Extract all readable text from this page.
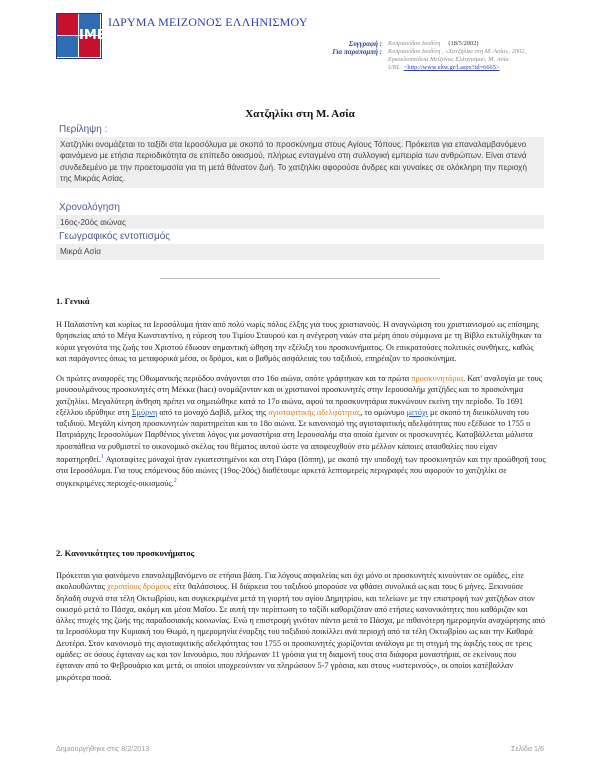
ΙΜΕ
ΙΔΡΥΜΑ ΜΕΙΖΟΝΟΣ ΕΛΛΗΝΙΣΜΟΥ
Συγγραφή : Κυπριανίδου Ιουδίτη (18/5/2002)
Για παραπομπή : Κυπριανίδου Ιουδίτη , «Χατζηλίκι στη Μ. Ασία», 2002,
Εγκυκλοπαίδεια Μείζονος Ελληνισμού, Μ. Ασία
URL: <http://www.ehw.gr/l.aspx?id=6665>
Χατζηλίκι στη Μ. Ασία
Περίληψη :
Χατζηλίκι ονομάζεται το ταξίδι στα Ιεροσόλυμα με σκοπό το προσκύνημα στους Αγίους Τόπους. Πρόκειται για επαναλαμβανόμενο φαινόμενο με ετήσια περιοδικότητα σε επίπεδο οικισμού, πλήρως ενταγμένο στη συλλογική εμπειρία των ανθρώπων. Είναι στενά συνδεδεμένο με την προετοιμασία για τη μετά θάνατον ζωή. Το χατζηλίκι αφορούσε άνδρες και γυναίκες σε ολόκληρη την περιοχή της Μικράς Ασίας.
Χρονολόγηση
16ος-20ός αιώνας
Γεωγραφικός εντοπισμός
Μικρά Ασία
1. Γενικά
Η Παλαιστίνη και κυρίως τα Ιεροσόλυμα ήταν από πολύ νωρίς πόλος έλξης για τους χριστιανούς. Η αναγνώριση του χριστιανισμού ως επίσημης θρησκείας από το Μέγα Κωνσταντίνο, η εύρεση του Τιμίου Σταυρού και η ανέγερση ναών στα μέρη όπου σύμφωνα με τη Βίβλο εκτυλίχθηκαν τα κύρια γεγονότα της ζωής του Χριστού έδωσαν σημαντική ώθηση την εξέλιξη του προσκυνήματος. Οι επικρατούσες πολιτικές συνθήκες, καθώς και παράγοντες όπως τα μεταφορικά μέσα, οι δρόμοι, και ο βαθμός ασφάλειας του ταξιδιού, επηρέαζαν το προσκύνημα.
Οι πρώτες αναφορές της Οθωμανικής περιόδου ανάγονται στο 16ο αιώνα, οπότε γράφτηκαν και τα πρώτα προσκυνητάρια. Κατ' αναλογία με τους μουσουλμάνους προσκυνητές στη Μέκκα (hacı) ονομάζονταν και οι χριστιανοί προσκυνητές στην Ιερουσαλήμ χατζήδες και το προσκύνημα χατζηλίκι. Μεγαλύτερη άνθηση πρέπει να σημειώθηκε κατά το 17ο αιώνα, αφού τα προσκυνητάρια πυκνώνουν εκείνη την περίοδο. Το 1691 εξέλλου ιδρύθηκε στη Σμύρνη από το μοναχό Δαβίδ, μέλος της αγιοταφιτικής αδελφότητας, το ομώνυμο μετόχι με σκοπό τη διευκόλυνση του ταξιδιού. Μεγάλη κίνηση προσκυνητών παρατηρείται και το 18ο αιώνα. Σε κανονισμό της αγιοταφιτικής αδελφότητας που εξέδωσε το 1755 ο Πατριάρχης Ιεροσολύμων Παρθένιος γίνεται λόγος για μοναστήρια στη Ιερουσαλήμ στα οποία έμεναν οι προσκυνητές. Καταβάλλεται μάλιστα προσπάθεια να ρυθμιστεί το οικονομικό σκέλος του θέματος αυτού ώστε να αποφευχθούν στο μέλλον κάποιες ατασθαλίες που είχαν παρατηρηθεί.$^1$ Αγιοταφίτες μοναχοί ήταν εγκατεστημένοι και στη Γιάφα (Ιόππη), με σκοπό την υποδοχή των προσκυνητών και την προώθησή τους στα Ιεροσόλυμα. Για τους επόμενους δύο αιώνες (19ος-20ός) διαθέτουμε αρκετά λεπτομερείς περιγραφές που αφορούν το χατζηλίκι σε συγκεκριμένες περιοχές-οικισμούς.$^2$
2. Κανονικότητες του προσκυνήματος
Πρόκειται για φαινόμενο επαναλαμβανόμενο σε ετήσια βάση. Για λόγους ασφαλείας και όχι μόνο οι προσκυνητές κινούνταν σε ομάδες, είτε ακολουθώντας χερσαίους δρόμους είτε θαλάσσιους. Η διάρκεια του ταξιδιού μπορούσε να φθάσει συνολικά ως και τους 6 μήνες. Ξεκινούσε δηλαδή συχνά στα τέλη Οκτωβρίου, και συγκεκριμένα μετά τη γιορτή του αγίου Δημητρίου, και τελείωνε με την επιστροφή των χατζήδων στον οικισμό μετά το Πάσχα, ακόμη και μέσα Μαΐου. Σε αυτή την περίπτωση το ταξίδι καθοριζόταν από ετήσιες κανονικότητες που καθόριζαν και άλλες πτυχές της ζωής της παραδοσιακής κοινωνίας. Ενώ η επιστροφή γινόταν πάντα μετά το Πάσχα, με πιθανότερη ημερομηνία αναχώρησης από τα Ιεροσόλυμα την Κυριακή του Θωμά, η ημερομηνία έναρξης του ταξιδιού ποικίλλει ανά περιοχή από τα τέλη Οκτωβρίου ως και την Καθαρά Δευτέρα. Στον κανονισμό της αγιοταφιτικής αδελφότητας του 1755 οι προσκυνητές χωρίζονται ανάλογα με τη στιγμή της άφιξής τους σε τρεις ομάδες: σε όσους έφταναν ως και τον Ιανουάριο, που πλήρωναν 11 γρόσια για τη διαμονή τους στα διάφορα μοναστήρια, σε εκείνους που έφταναν από το Φεβρουάριο και μετά, οι οποίοι υποχρεούνταν να πληρώσουν 5-7 γρόσια, και στους «υστερινούς», οι οποίοι κατέβαλλαν μικρότερα ποσά.
Δημιουργήθηκε στις 8/2/2013	Σελίδα 1/6
